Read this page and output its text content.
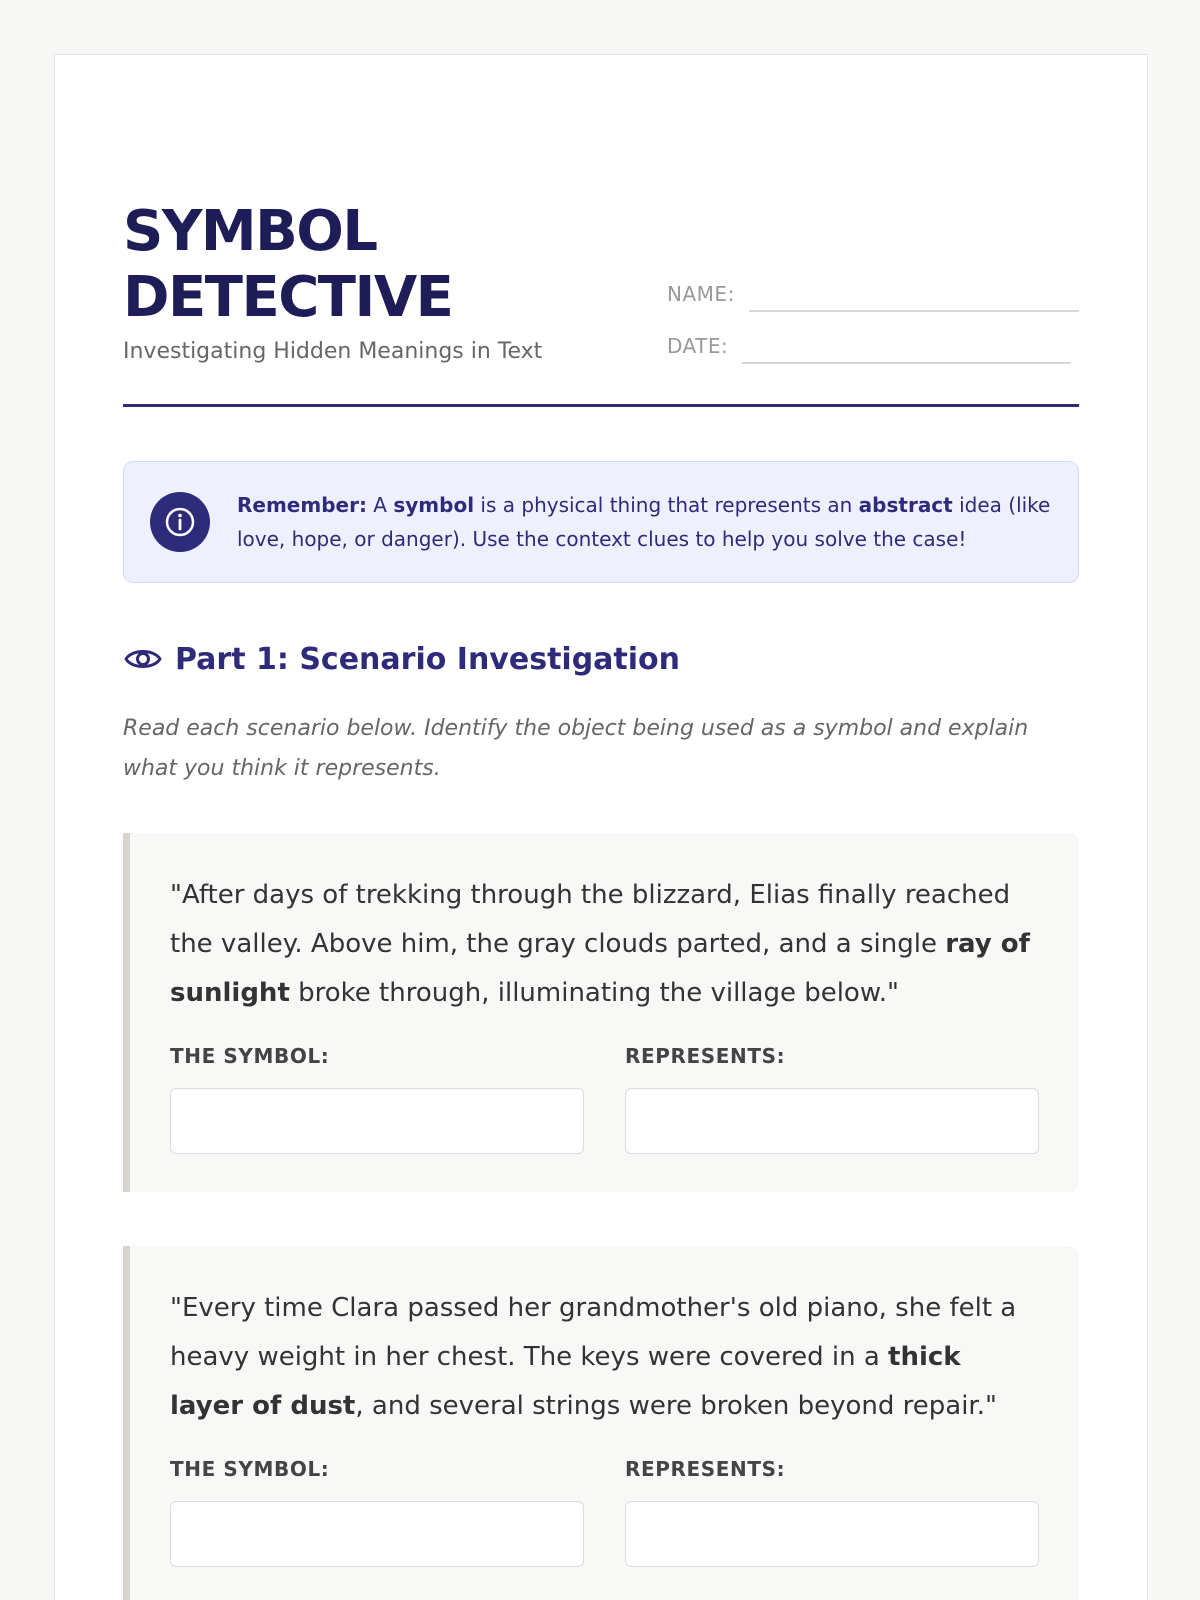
SYMBOL
DETECTIVE
Investigating Hidden Meanings in Text
NAME:
DATE:

Remember: A symbol is a physical thing that represents an abstract idea (like love, hope, or danger). Use the context clues to help you solve the case!

Part 1: Scenario Investigation

Read each scenario below. Identify the object being used as a symbol and explain what you think it represents.

"After days of trekking through the blizzard, Elias finally reached the valley. Above him, the gray clouds parted, and a single ray of sunlight broke through, illuminating the village below."

THE SYMBOL:	REPRESENTS:

"Every time Clara passed her grandmother's old piano, she felt a heavy weight in her chest. The keys were covered in a thick layer of dust, and several strings were broken beyond repair."

THE SYMBOL:	REPRESENTS:
